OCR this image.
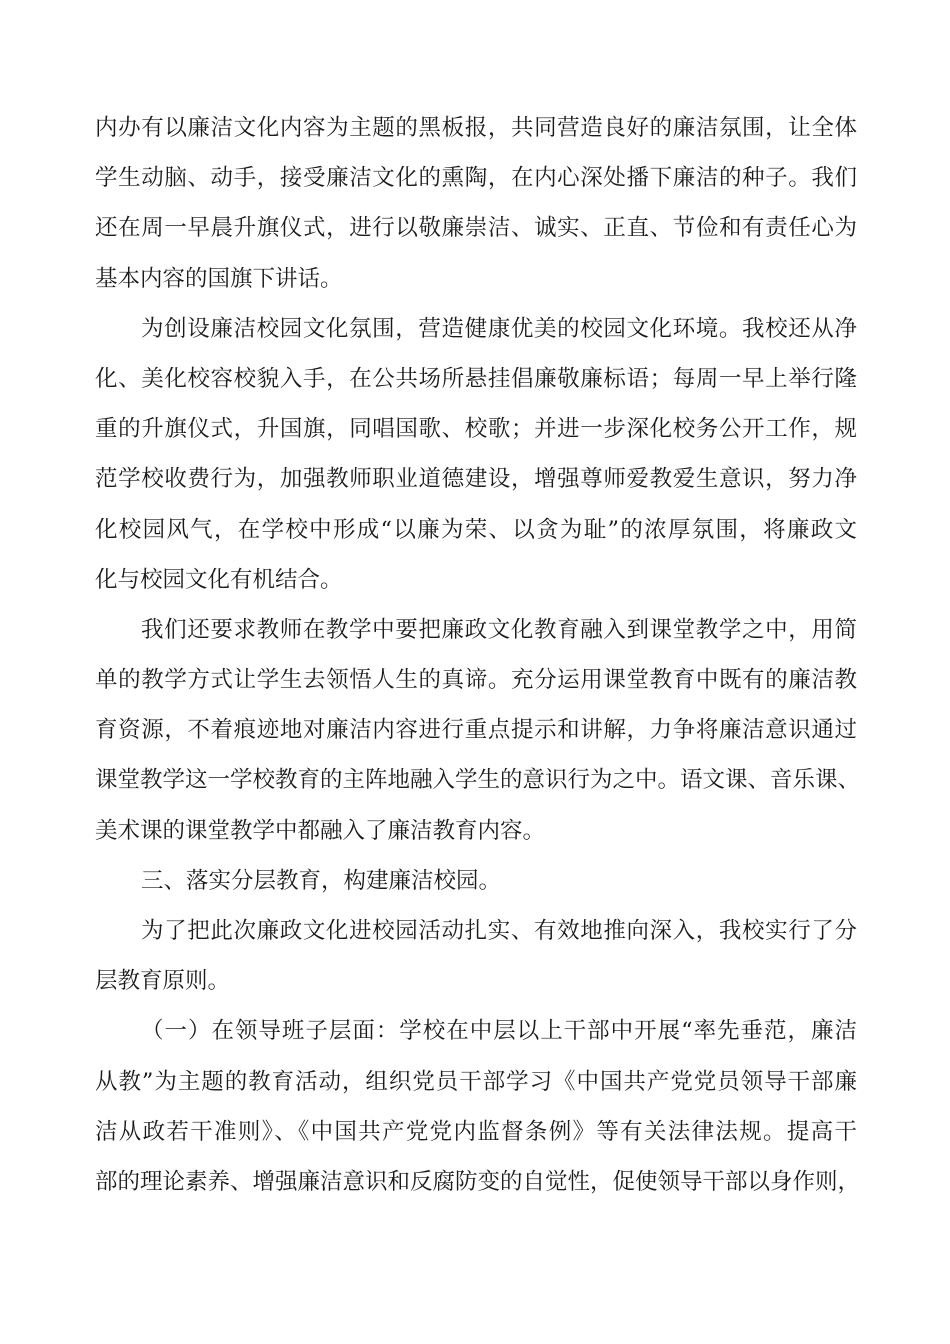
内办有以廉洁文化内容为主题的黑板报，共同营造良好的廉洁氛围，让全体
学生动脑、动手，接受廉洁文化的熏陶，在内心深处播下廉洁的种子。我们
还在周一早晨升旗仪式，进行以敬廉崇洁、诚实、正直、节俭和有责任心为
基本内容的国旗下讲话。
为创设廉洁校园文化氛围，营造健康优美的校园文化环境。我校还从净
化、美化校容校貌入手，在公共场所悬挂倡廉敬廉标语；每周一早上举行隆
重的升旗仪式，升国旗，同唱国歌、校歌；并进一步深化校务公开工作，规
范学校收费行为，加强教师职业道德建设，增强尊师爱教爱生意识，努力净
化校园风气，在学校中形成“以廉为荣、以贪为耻”的浓厚氛围，将廉政文
化与校园文化有机结合。
我们还要求教师在教学中要把廉政文化教育融入到课堂教学之中，用简
单的教学方式让学生去领悟人生的真谛。充分运用课堂教育中既有的廉洁教
育资源，不着痕迹地对廉洁内容进行重点提示和讲解，力争将廉洁意识通过
课堂教学这一学校教育的主阵地融入学生的意识行为之中。语文课、音乐课、
美术课的课堂教学中都融入了廉洁教育内容。
三、落实分层教育，构建廉洁校园。
为了把此次廉政文化进校园活动扎实、有效地推向深入，我校实行了分
层教育原则。
（一）在领导班子层面：学校在中层以上干部中开展“率先垂范，廉洁
从教”为主题的教育活动，组织党员干部学习《中国共产党党员领导干部廉
洁从政若干准则》、《中国共产党党内监督条例》等有关法律法规。提高干
部的理论素养、增强廉洁意识和反腐防变的自觉性，促使领导干部以身作则，
